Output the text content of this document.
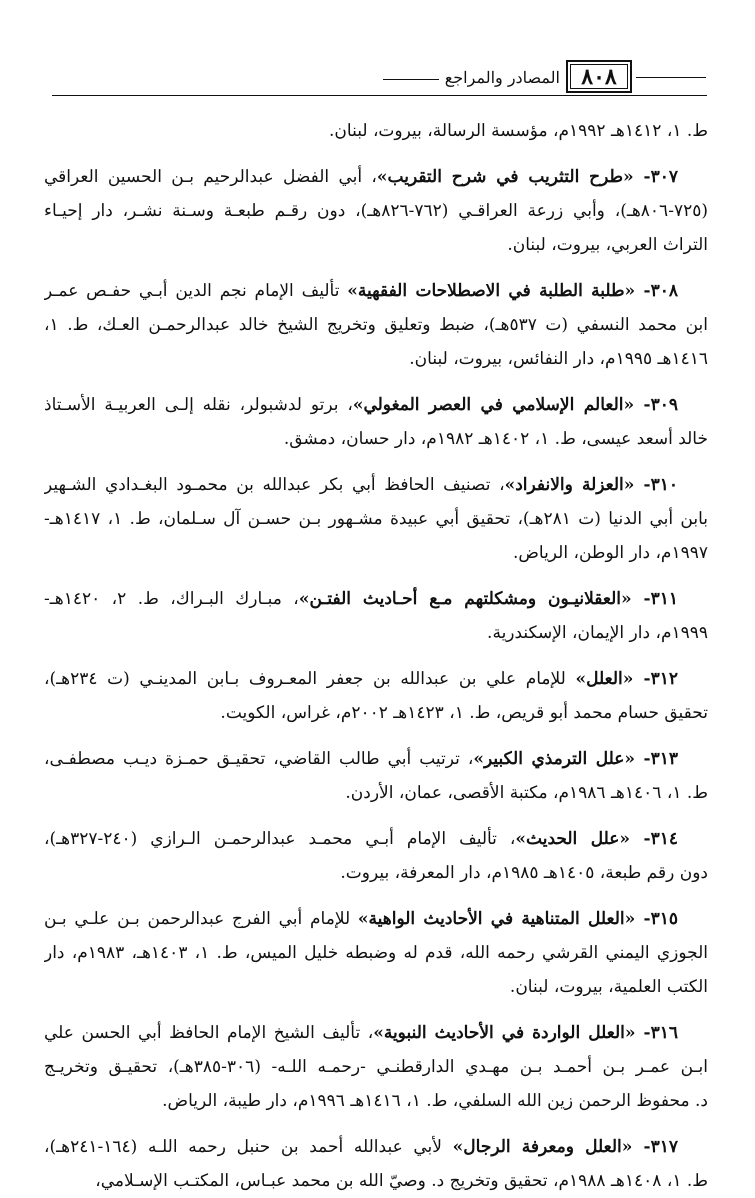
٨٠٨
المصادر والمراجع
ط. ١، ١٤١٢هـ ١٩٩٢م، مؤسسة الرسالة، بيروت، لبنان.
٣٠٧- «طرح التثريب في شرح التقريب»، أبي الفضل عبدالرحيم بـن الحسين العراقي
(٧٢٥-٨٠٦هـ)، وأبي زرعة العراقـي (٧٦٢-٨٢٦هـ)، دون رقـم طبعـة وسـنة نشـر، دار إحيـاء
التراث العربي، بيروت، لبنان.
٣٠٨- «طلبة الطلبة في الاصطلاحات الفقهية» تأليف الإمام نجم الدين أبـي حفـص عمـر
ابن محمد النسفي (ت ٥٣٧هـ)، ضبط وتعليق وتخريج الشيخ خالد عبدالرحمـن العـك، ط. ١،
١٤١٦هـ ١٩٩٥م، دار النفائس، بيروت، لبنان.
٣٠٩- «العالم الإسلامي في العصر المغولي»، برتو لدشبولر، نقله إلـى العربيـة الأسـتاذ
خالد أسعد عيسى، ط. ١، ١٤٠٢هـ ١٩٨٢م، دار حسان، دمشق.
٣١٠- «العزلة والانفراد»، تصنيف الحافظ أبي بكر عبدالله بن محمـود البغـدادي الشـهير
بابن أبي الدنيا (ت ٢٨١هـ)، تحقيق أبي عبيدة مشـهور بـن حسـن آل سـلمان، ط. ١، ١٤١٧هـ-
١٩٩٧م، دار الوطن، الرياض.
٣١١- «العقلانيـون ومشكلتهم مـع أحـاديث الفتـن»، مبـارك البـراك، ط. ٢، ١٤٢٠هـ-
١٩٩٩م، دار الإيمان، الإسكندرية.
٣١٢- «العلل» للإمام علي بن عبدالله بن جعفر المعـروف بـابن المدينـي (ت ٢٣٤هـ)،
تحقيق حسام محمد أبو قريص، ط. ١، ١٤٢٣هـ ٢٠٠٢م، غراس، الكويت.
٣١٣- «علل الترمذي الكبير»، ترتيب أبي طالب القاضي، تحقيـق حمـزة ديـب مصطفـى،
ط. ١، ١٤٠٦هـ ١٩٨٦م، مكتبة الأقصى، عمان، الأردن.
٣١٤- «علل الحديث»، تأليف الإمام أبـي محمـد عبدالرحمـن الـرازي (٢٤٠-٣٢٧هـ)،
دون رقم طبعة، ١٤٠٥هـ ١٩٨٥م، دار المعرفة، بيروت.
٣١٥- «العلل المتناهية في الأحاديث الواهية» للإمام أبي الفرج عبدالرحمن بـن علـي بـن
الجوزي اليمني القرشي رحمه الله، قدم له وضبطه خليل الميس، ط. ١، ١٤٠٣هـ، ١٩٨٣م، دار
الكتب العلمية، بيروت، لبنان.
٣١٦- «العلل الواردة في الأحاديث النبوية»، تأليف الشيخ الإمام الحافظ أبي الحسن علي
ابـن عمـر بـن أحمـد بـن مهـدي الدارقطنـي -رحمـه اللـه- (٣٠٦-٣٨٥هـ)، تحقيـق وتخريـج
د. محفوظ الرحمن زين الله السلفي، ط. ١، ١٤١٦هـ ١٩٩٦م، دار طيبة، الرياض.
٣١٧- «العلل ومعرفة الرجال» لأبي عبدالله أحمد بن حنبل رحمه اللـه (١٦٤-٢٤١هـ)،
ط. ١، ١٤٠٨هـ ١٩٨٨م، تحقيق وتخريج د. وصيّ الله بن محمد عبـاس، المكتـب الإسـلامي،
